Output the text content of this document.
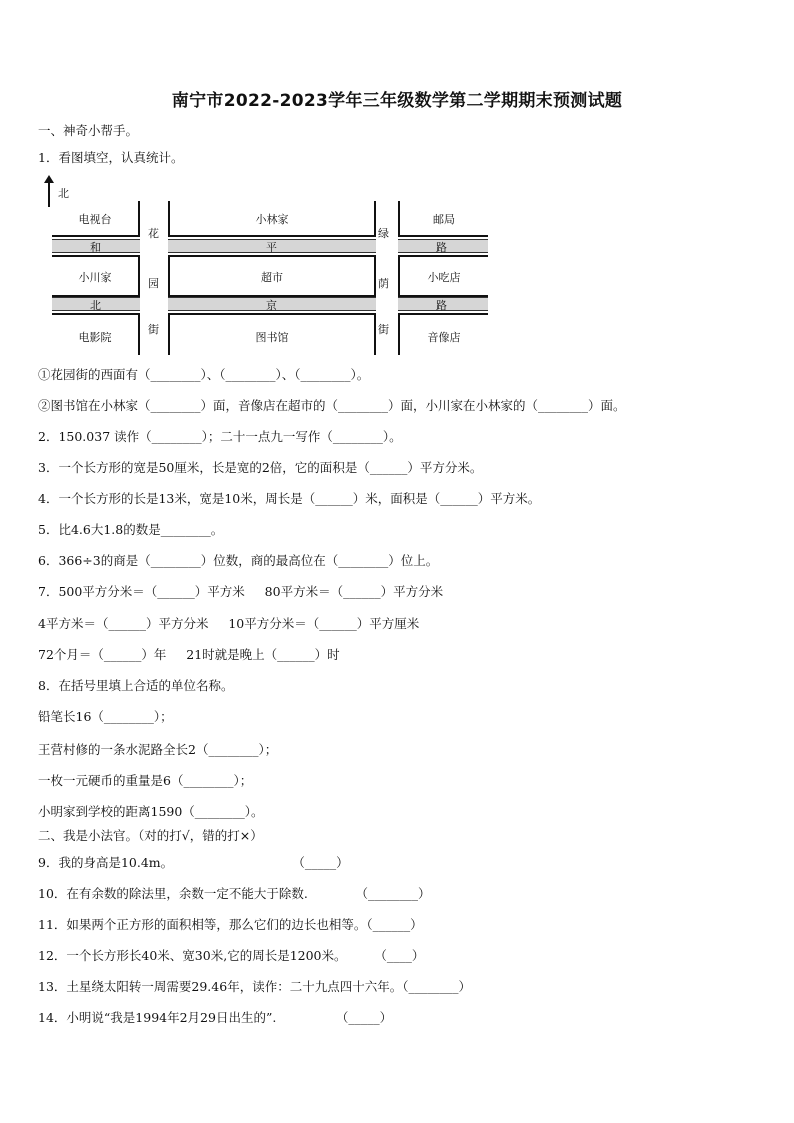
南宁市2022-2023学年三年级数学第二学期期末预测试题
一、神奇小帮手。
1．看图填空，认真统计。
北
电视台	小林家	邮局
和	平	路
小川家	超市	小吃店
北	京	路
电影院	图书馆	音像店
花
园
街
绿
荫
街
①花园街的西面有（________）、（________）、（________）。
②图书馆在小林家（________）面，音像店在超市的（________）面，小川家在小林家的（________）面。
2．150.037 读作（________）；二十一点九一写作（________）。
3．一个长方形的宽是50厘米，长是宽的2倍，它的面积是（______）平方分米。
4．一个长方形的长是13米，宽是10米，周长是（______）米，面积是（______）平方米。
5．比4.6大1.8的数是________。
6．366÷3的商是（________）位数，商的最高位在（________）位上。
7．500平方分米＝（______）平方米     80平方米＝（______）平方分米
4平方米＝（______）平方分米     10平方分米＝（______）平方厘米
72个月＝（______）年     21时就是晚上（______）时
8．在括号里填上合适的单位名称。
铅笔长16（________）；
王营村修的一条水泥路全长2（________）；
一枚一元硬币的重量是6（________）；
小明家到学校的距离1590（________）。
二、我是小法官。（对的打√，错的打×）
9．我的身高是10.4m。                              （_____）
10．在有余数的除法里，余数一定不能大于除数.            （________）
11．如果两个正方形的面积相等，那么它们的边长也相等。（______）
12．一个长方形长40米、宽30米,它的周长是1200米。       （____）
13．土星绕太阳转一周需要29.46年，读作：二十九点四十六年。（________）
14．小明说“我是1994年2月29日出生的”.               （_____）
